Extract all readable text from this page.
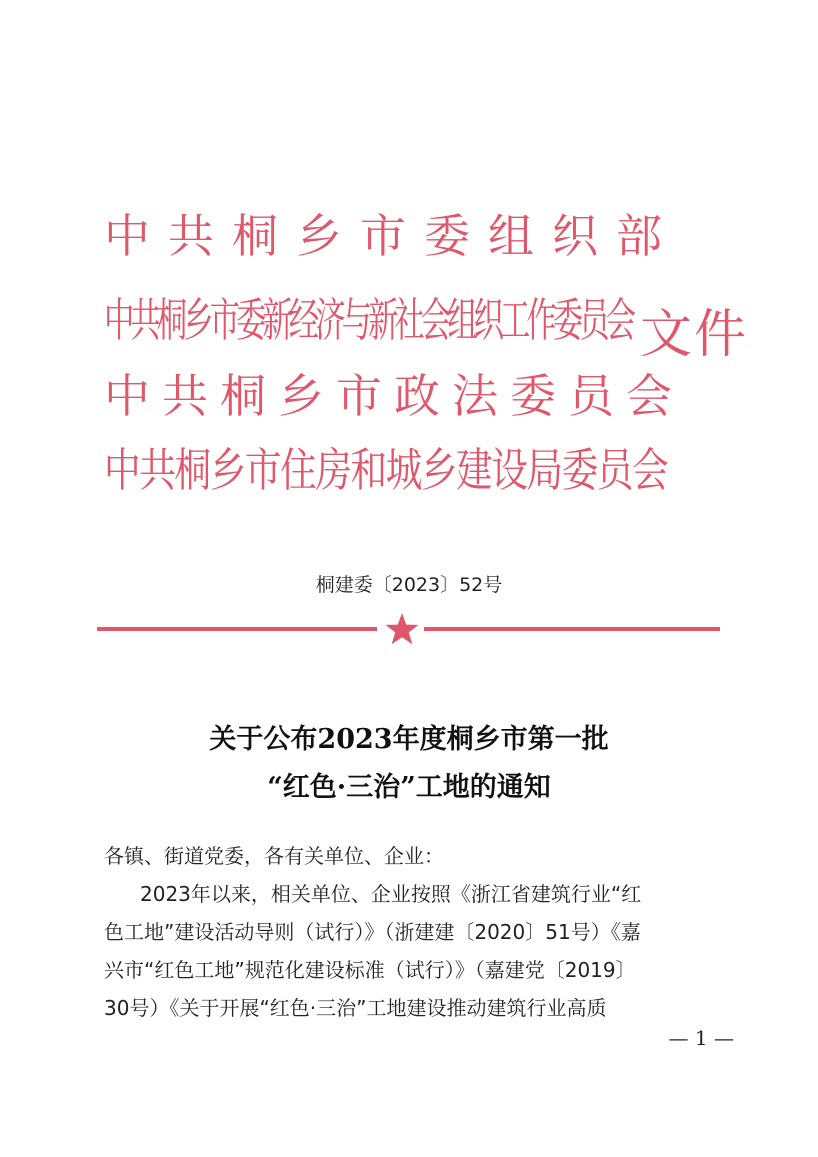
中共桐乡市委组织部
中共桐乡市委新经济与新社会组织工作委员会
中共桐乡市政法委员会
中共桐乡市住房和城乡建设局委员会
文件
桐建委〔2023〕52号
关于公布2023年度桐乡市第一批
“红色·三治”工地的通知
各镇、街道党委，各有关单位、企业：
2023年以来，相关单位、企业按照《浙江省建筑行业“红
色工地”建设活动导则（试行）》（浙建建〔2020〕51号）《嘉
兴市“红色工地”规范化建设标准（试行）》（嘉建党〔2019〕
30号）《关于开展“红色·三治”工地建设推动建筑行业高质
— 1 —
